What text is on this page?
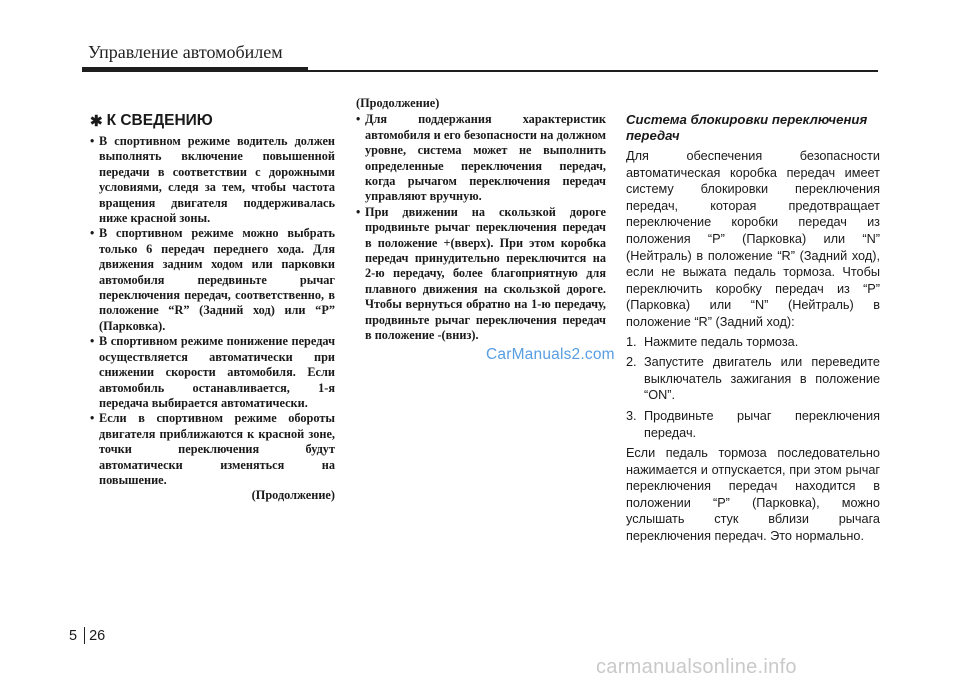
Управление автомобилем
✱ К СВЕДЕНИЮ
• В спортивном режиме водитель должен выполнять включение повышенной передачи в соответствии с дорожными условиями, следя за тем, чтобы частота вращения двигателя поддерживалась ниже красной зоны.
• В спортивном режиме можно выбрать только 6 передач переднего хода. Для движения задним ходом или парковки автомобиля передвиньте рычаг переключения передач, соответственно, в положение “R” (Задний ход) или “P” (Парковка).
• В спортивном режиме понижение передач осуществляется автоматически при снижении скорости автомобиля. Если автомобиль останавливается, 1-я передача выбирается автоматически.
• Если в спортивном режиме обороты двигателя приближаются к красной зоне, точки переключения будут автоматически изменяться на повышение.
(Продолжение)
(Продолжение)
• Для поддержания характеристик автомобиля и его безопасности на должном уровне, система может не выполнить определенные переключения передач, когда рычагом переключения передач управляют вручную.
• При движении на скользкой дороге продвиньте рычаг переключения передач в положение +(вверх). При этом коробка передач принудительно переключится на 2-ю передачу, более благоприятную для плавного движения на скользкой дороге. Чтобы вернуться обратно на 1-ю передачу, продвиньте рычаг переключения передач в положение -(вниз).
Система блокировки переключения передач

Для обеспечения безопасности автоматическая коробка передач имеет систему блокировки переключения передач, которая предотвращает переключение коробки передач из положения “P” (Парковка) или “N” (Нейтраль) в положение “R” (Задний ход), если не выжата педаль тормоза. Чтобы переключить коробку передач из “P” (Парковка) или “N” (Нейтраль) в положение “R” (Задний ход):

1. Нажмите педаль тормоза.
2. Запустите двигатель или переведите выключатель зажигания в положение “ON”.
3. Продвиньте рычаг переключения передач.

Если педаль тормоза последовательно нажимается и отпускается, при этом рычаг переключения передач находится в положении “P” (Парковка), можно услышать стук вблизи рычага переключения передач. Это нормально.

CarManuals2.com
5 26
carmanualsonline.info
